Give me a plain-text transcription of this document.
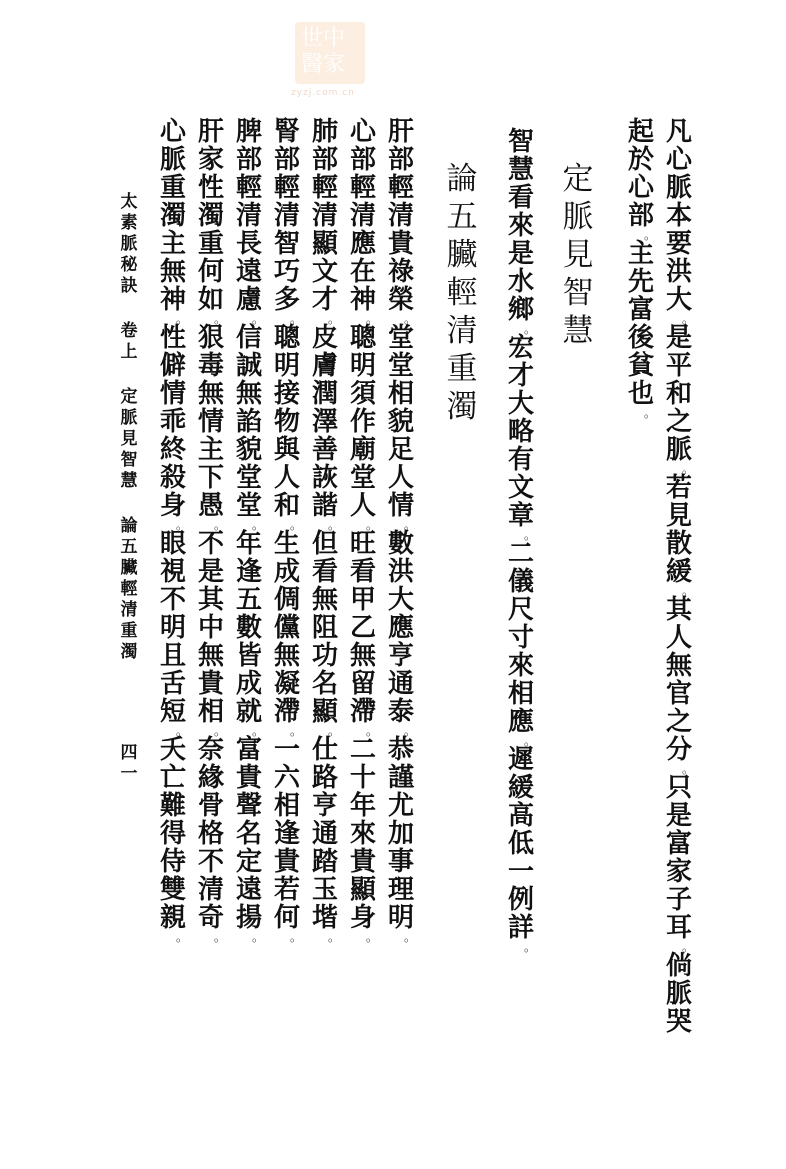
世中醫家
zyzj.com.cn
凡
心
脈
本
要
洪
大
。
是
平
和
之
脈
。
若
見
散
緩
。
其
人
無
官
之
分
。
只
是
富
家
子
耳
。
倘
脈
哭
起
於
心
部
。
主
先
富
後
貧
也
。
定
脈
見
智
慧
智
慧
看
來
是
水
鄉
。
宏
才
大
略
有
文
章
。
二
儀
尺
寸
來
相
應
。
遲
緩
高
低
一
例
詳
。
論
五
臟
輕
清
重
濁
肝
部
輕
清
貴
祿
榮
。
堂
堂
相
貌
足
人
情
。
數
洪
大
應
亨
通
泰
。
恭
謹
尤
加
事
理
明
。
心
部
輕
清
應
在
神
。
聰
明
須
作
廟
堂
人
。
旺
看
甲
乙
無
留
滯
。
二
十
年
來
貴
顯
身
。
肺
部
輕
清
顯
文
才
。
皮
膚
潤
澤
善
詼
諧
。
但
看
無
阻
功
名
顯
。
仕
路
亨
通
踏
玉
堦
。
腎
部
輕
清
智
巧
多
。
聰
明
接
物
與
人
和
。
生
成
倜
儻
無
凝
滯
。
一
六
相
逢
貴
若
何
。
脾
部
輕
清
長
遠
慮
。
信
誠
無
諂
貌
堂
堂
。
年
逢
五
數
皆
成
就
。
富
貴
聲
名
定
遠
揚
。
肝
家
性
濁
重
何
如
。
狠
毒
無
情
主
下
愚
。
不
是
其
中
無
貴
相
。
奈
緣
骨
格
不
清
奇
。
心
脈
重
濁
主
無
神
。
性
僻
情
乖
終
殺
身
。
眼
視
不
明
且
舌
短
。
夭
亡
難
得
侍
雙
親
。
太
素
脈
秘
訣
卷
上
定
脈
見
智
慧
論
五
臟
輕
清
重
濁
四
一
